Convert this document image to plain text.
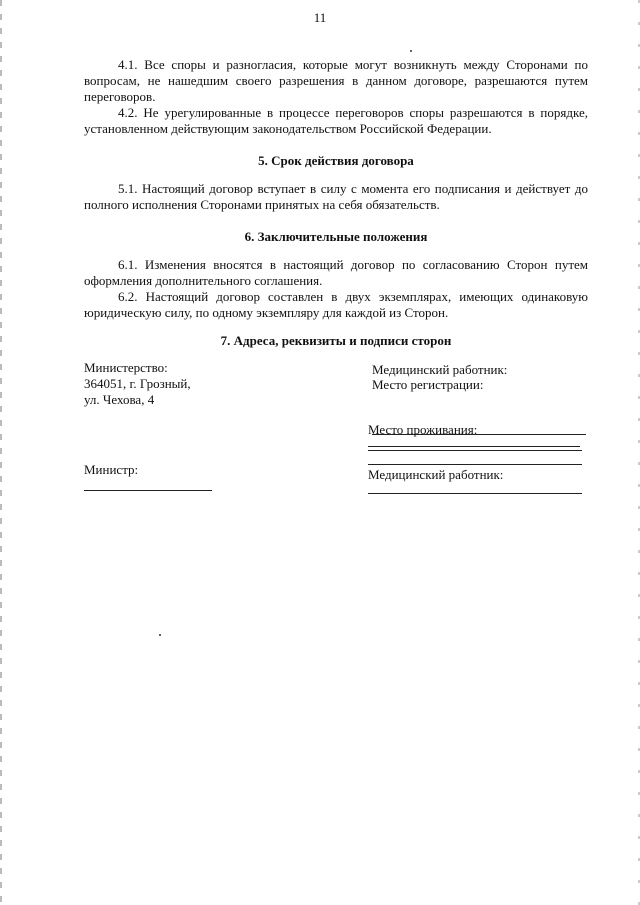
11

4.1. Все споры и разногласия, которые могут возникнуть между Сторонами по вопросам, не нашедшим своего разрешения в данном договоре, разрешаются путем переговоров.

4.2. Не урегулированные в процессе переговоров споры разрешаются в порядке, установленном действующим законодательством Российской Федерации.

5. Срок действия договора

5.1. Настоящий договор вступает в силу с момента его подписания и действует до полного исполнения Сторонами принятых на себя обязательств.

6. Заключительные положения

6.1. Изменения вносятся в настоящий договор по согласованию Сторон путем оформления дополнительного соглашения.

6.2. Настоящий договор составлен в двух экземплярах, имеющих одинаковую юридическую силу, по одному экземпляру для каждой из Сторон.

7. Адреса, реквизиты и подписи сторон
Министерство:
364051, г. Грозный,
ул. Чехова, 4
Министр:
Медицинский работник:
Место регистрации:
Место проживания:
Медицинский работник:
